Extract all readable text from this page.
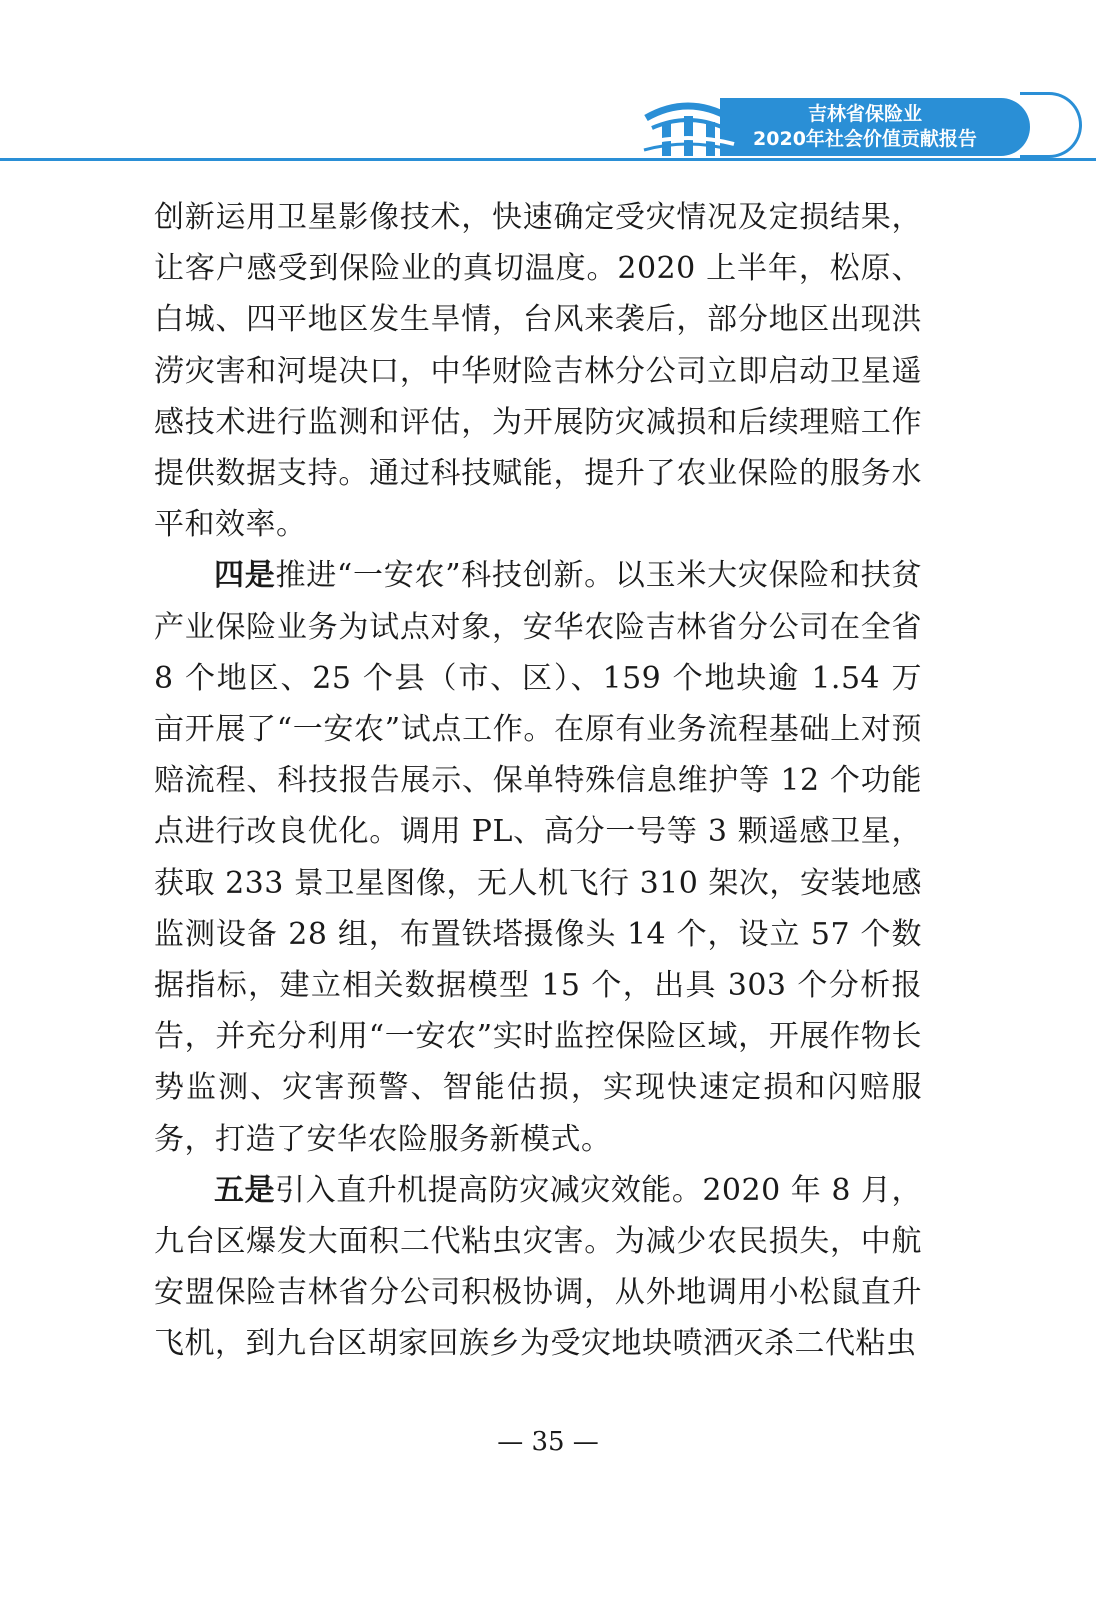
吉林省保险业
2020年社会价值贡献报告

创新运用卫星影像技术，快速确定受灾情况及定损结果，让客户感受到保险业的真切温度。2020 上半年，松原、白城、四平地区发生旱情，台风来袭后，部分地区出现洪涝灾害和河堤决口，中华财险吉林分公司立即启动卫星遥感技术进行监测和评估，为开展防灾减损和后续理赔工作提供数据支持。通过科技赋能，提升了农业保险的服务水平和效率。

四是推进“一安农”科技创新。以玉米大灾保险和扶贫产业保险业务为试点对象，安华农险吉林省分公司在全省 8 个地区、25 个县（市、区）、159 个地块逾 1.54 万亩开展了“一安农”试点工作。在原有业务流程基础上对预赔流程、科技报告展示、保单特殊信息维护等 12 个功能点进行改良优化。调用 PL、高分一号等 3 颗遥感卫星，获取 233 景卫星图像，无人机飞行 310 架次，安装地感监测设备 28 组，布置铁塔摄像头 14 个，设立 57 个数据指标，建立相关数据模型 15 个，出具 303 个分析报告，并充分利用“一安农”实时监控保险区域，开展作物长势监测、灾害预警、智能估损，实现快速定损和闪赔服务，打造了安华农险服务新模式。

五是引入直升机提高防灾减灾效能。2020 年 8 月，九台区爆发大面积二代粘虫灾害。为减少农民损失，中航安盟保险吉林省分公司积极协调，从外地调用小松鼠直升飞机，到九台区胡家回族乡为受灾地块喷洒灭杀二代粘虫

— 35 —
